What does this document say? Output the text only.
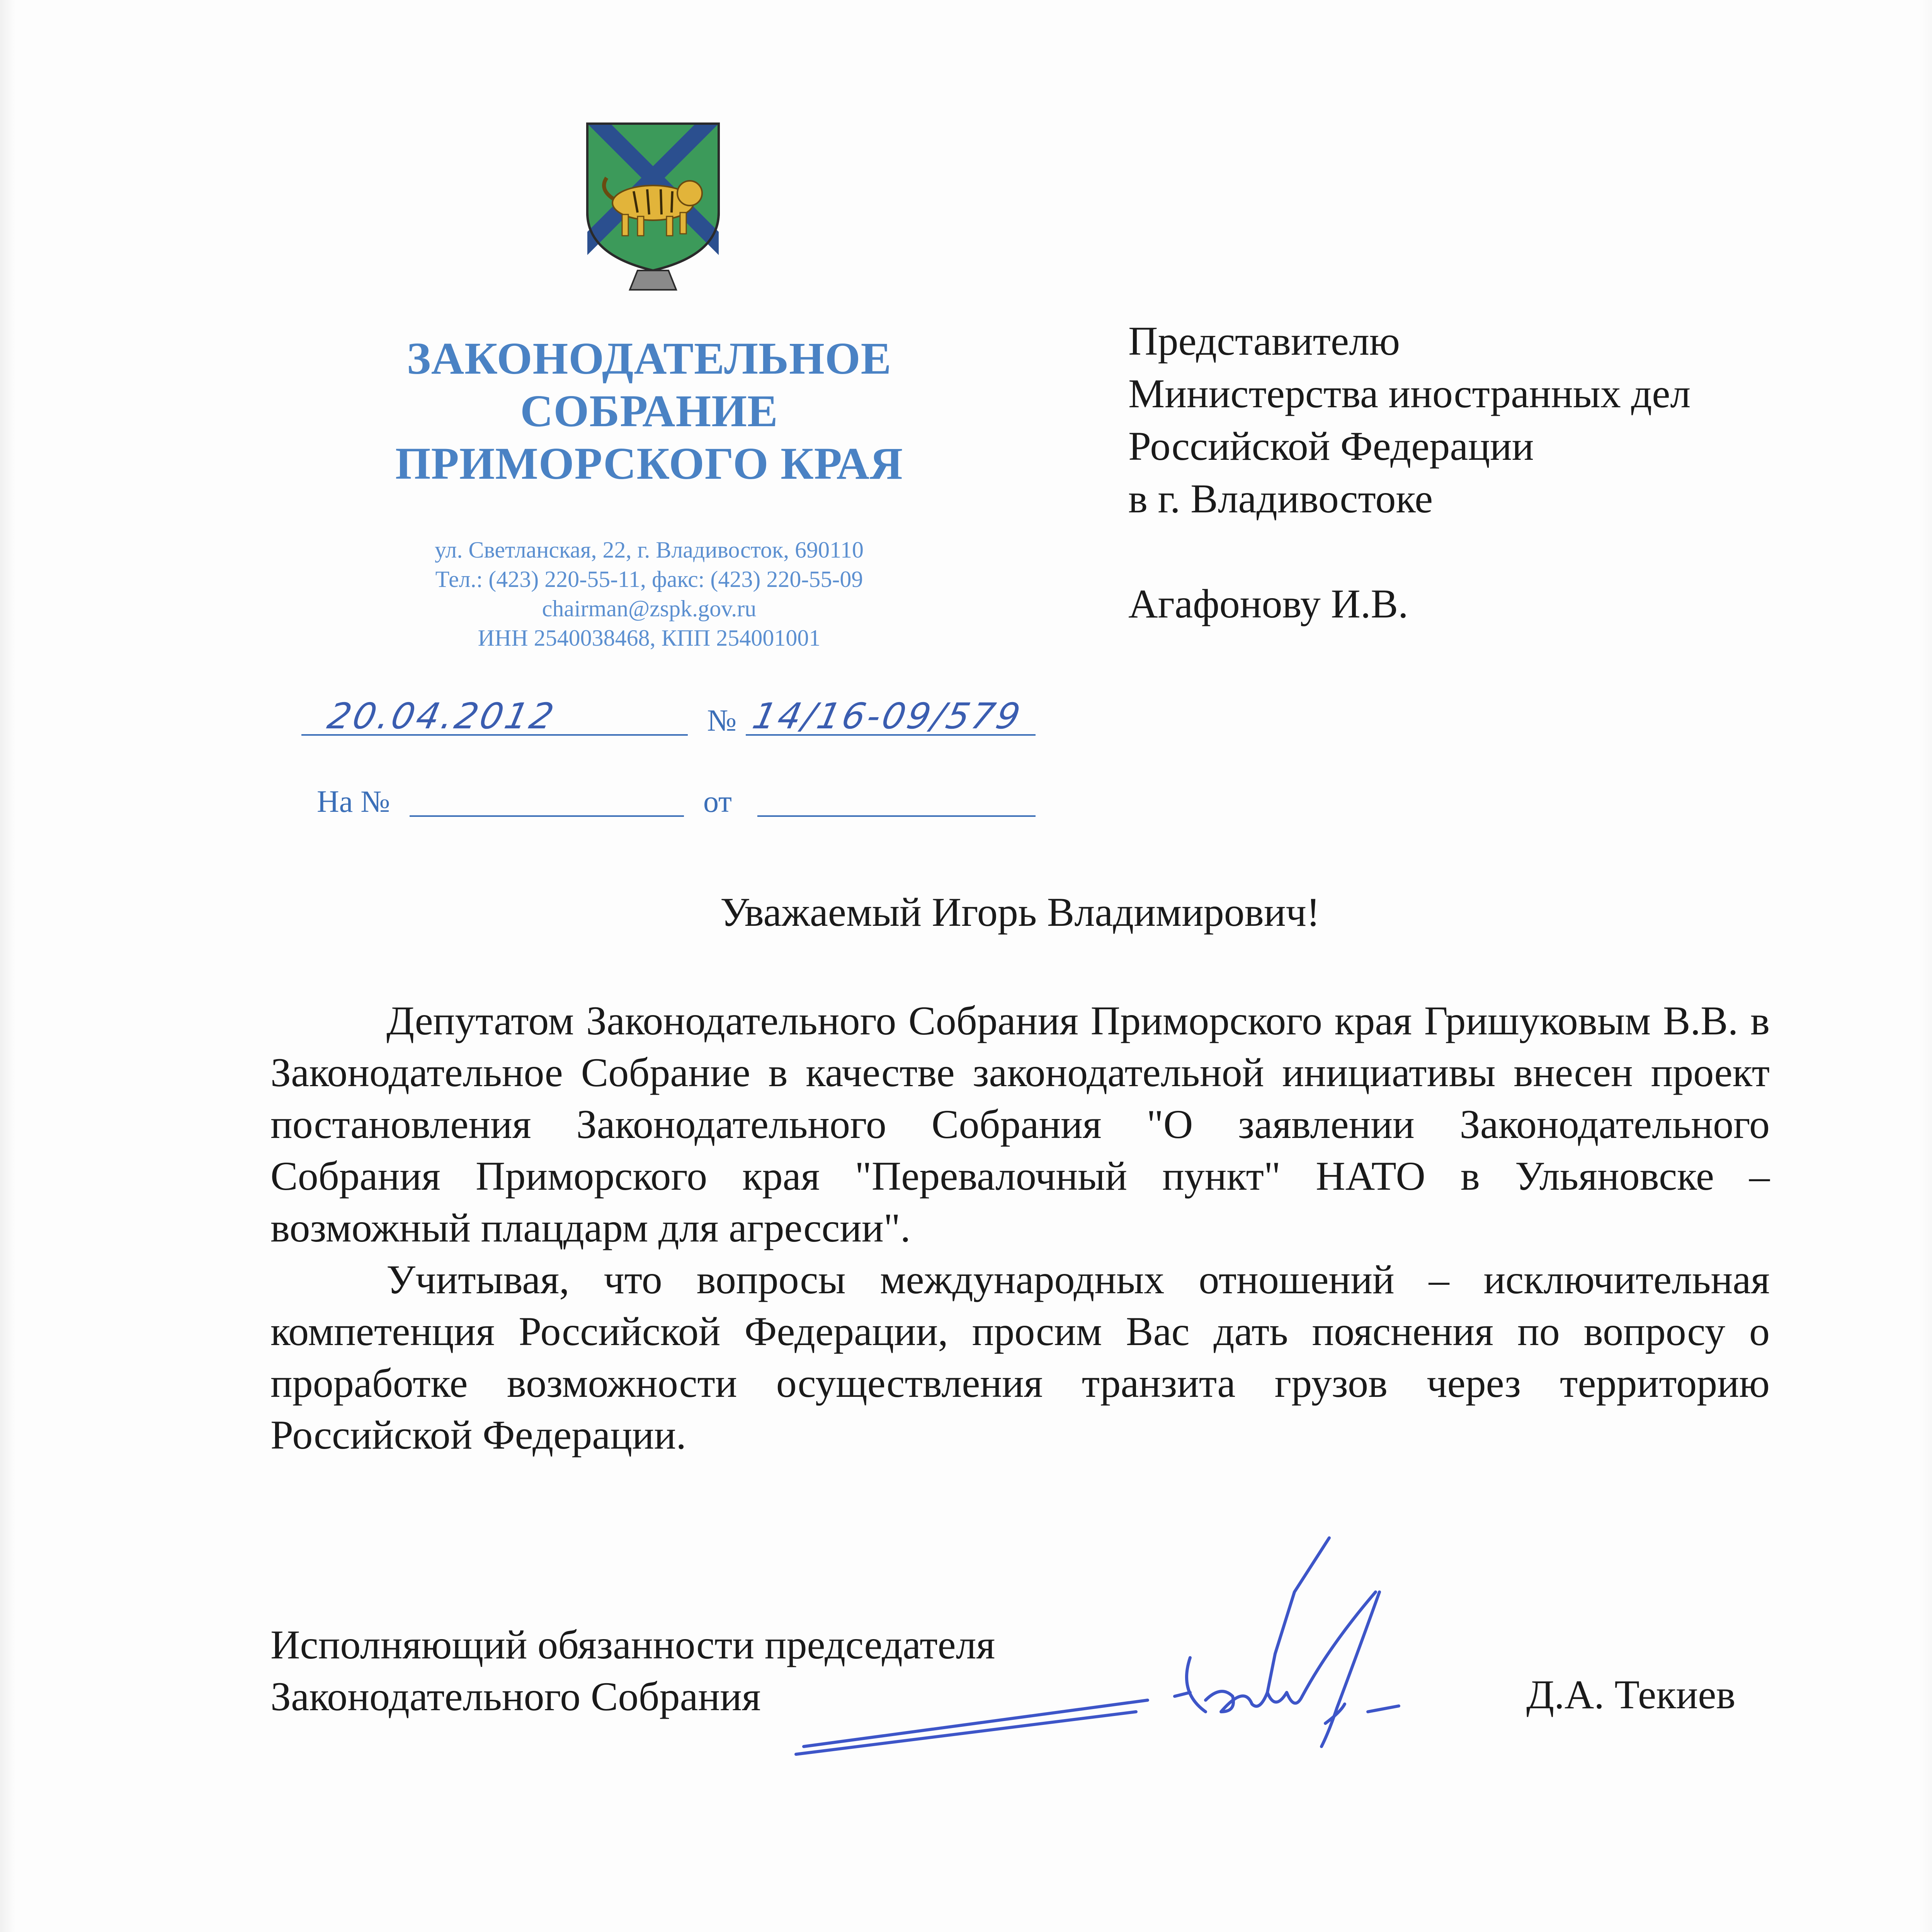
ЗАКОНОДАТЕЛЬНОЕ
СОБРАНИЕ
ПРИМОРСКОГО КРАЯ
ул. Светланская, 22, г. Владивосток, 690110
Тел.: (423) 220-55-11, факс: (423) 220-55-09
chairman@zspk.gov.ru
ИНН 2540038468, КПП 254001001
20.04.2012	№ 14/16-09/579
На №	от
Представителю
Министерства иностранных дел
Российской Федерации
в г. Владивостоке
Агафонову И.В.
Уважаемый Игорь Владимирович!

Депутатом Законодательного Собрания Приморского края Гришуковым В.В. в Законодательное Собрание в качестве законодательной инициативы внесен проект постановления Законодательного Собрания "О заявлении Законодательного Собрания Приморского края "Перевалочный пункт" НАТО в Ульяновске – возможный плацдарм для агрессии".

Учитывая, что вопросы международных отношений – исключительная компетенция Российской Федерации, просим Вас дать пояснения по вопросу о проработке возможности осуществления транзита грузов через территорию Российской Федерации.

Исполняющий обязанности председателя
Законодательного Собрания	Д.А. Текиев
